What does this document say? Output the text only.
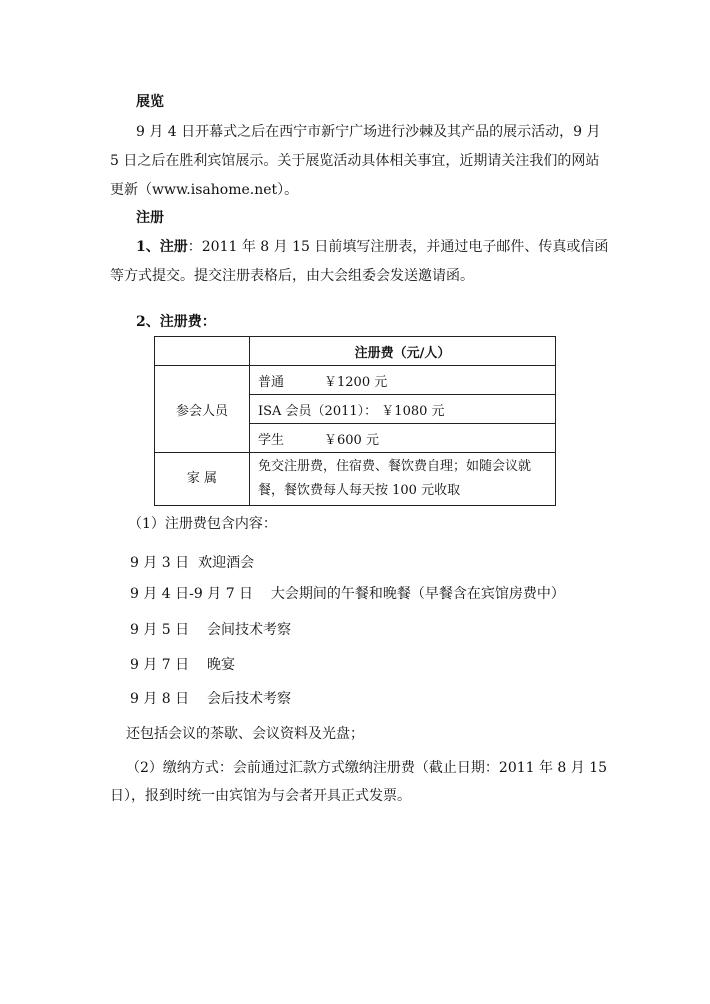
展览
9 月 4 日开幕式之后在西宁市新宁广场进行沙棘及其产品的展示活动，9 月
5 日之后在胜利宾馆展示。关于展览活动具体相关事宜，近期请关注我们的网站
更新（www.isahome.net）。
注册
1、注册：2011 年 8 月 15 日前填写注册表，并通过电子邮件、传真或信函
等方式提交。提交注册表格后，由大会组委会发送邀请函。
2、注册费：
	注册费（元/人）
参会人员	普通 ￥1200 元
	ISA 会员（2011）： ￥1080 元
	学生 ￥600 元
家 属	免交注册费，住宿费、餐饮费自理；如随会议就
餐，餐饮费每人每天按 100 元收取
（1）注册费包含内容：
9 月 3 日 欢迎酒会
9 月 4 日-9 月 7 日 大会期间的午餐和晚餐（早餐含在宾馆房费中）
9 月 5 日 会间技术考察
9 月 7 日 晚宴
9 月 8 日 会后技术考察
还包括会议的茶歇、会议资料及光盘；
（2）缴纳方式：会前通过汇款方式缴纳注册费（截止日期：2011 年 8 月 15
日），报到时统一由宾馆为与会者开具正式发票。
